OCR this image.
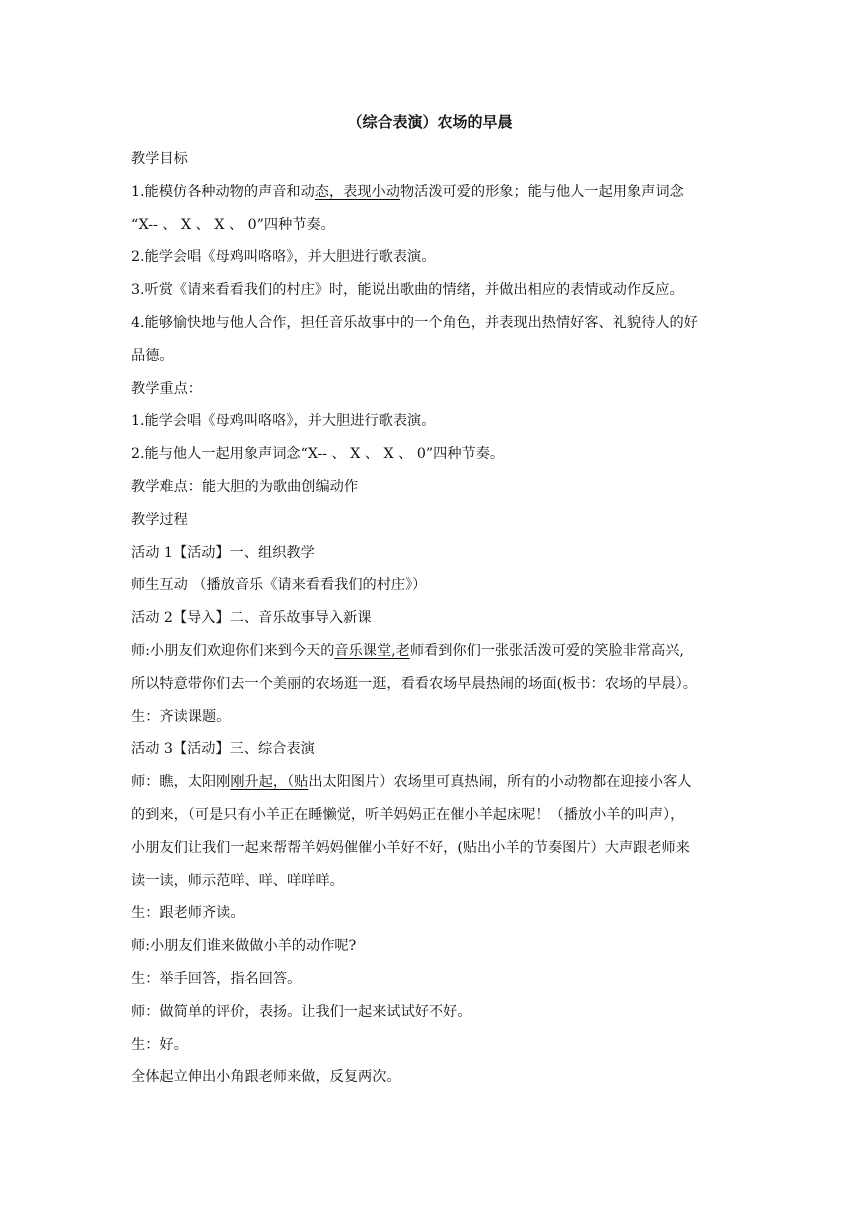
（综合表演）农场的早晨

教学目标

1.能模仿各种动物的声音和动态，表现小动物活泼可爱的形象；能与他人一起用象声词念

“X-- 、 X 、 X 、 0”四种节奏。

2.能学会唱《母鸡叫咯咯》，并大胆进行歌表演。

3.听赏《请来看看我们的村庄》时，能说出歌曲的情绪，并做出相应的表情或动作反应。

4.能够愉快地与他人合作，担任音乐故事中的一个角色，并表现出热情好客、礼貌待人的好

品德。

教学重点：

1.能学会唱《母鸡叫咯咯》，并大胆进行歌表演。

2.能与他人一起用象声词念“X-- 、 X 、 X 、 0”四种节奏。

教学难点：能大胆的为歌曲创编动作

教学过程

活动 1【活动】一、组织教学

师生互动 （播放音乐《请来看看我们的村庄》）

活动 2【导入】二、音乐故事导入新课

师:小朋友们欢迎你们来到今天的音乐课堂,老师看到你们一张张活泼可爱的笑脸非常高兴,

所以特意带你们去一个美丽的农场逛一逛，看看农场早晨热闹的场面(板书：农场的早晨）。

生：齐读课题。

活动 3【活动】三、综合表演

师：瞧，太阳刚刚升起，（贴出太阳图片）农场里可真热闹，所有的小动物都在迎接小客人

的到来，（可是只有小羊正在睡懒觉，听羊妈妈正在催小羊起床呢！（播放小羊的叫声），

小朋友们让我们一起来帮帮羊妈妈催催小羊好不好，(贴出小羊的节奏图片）大声跟老师来

读一读，师示范咩、咩、咩咩咩。

生：跟老师齐读。

师:小朋友们谁来做做小羊的动作呢?

生：举手回答，指名回答。

师：做简单的评价，表扬。让我们一起来试试好不好。

生：好。

全体起立伸出小角跟老师来做，反复两次。
